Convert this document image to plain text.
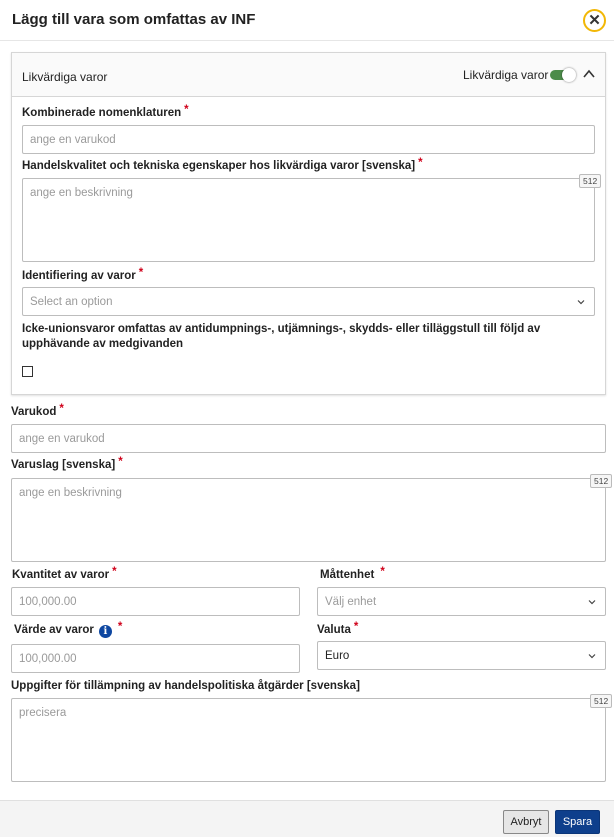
Lägg till vara som omfattas av INF	✕
Likvärdiga varor	Likvärdiga varor
Kombinerade nomenklaturen *
ange en varukod
Handelskvalitet och tekniska egenskaper hos likvärdiga varor [svenska] *
ange en beskrivning
512
Identifiering av varor *
Select an option
Icke-unionsvaror omfattas av antidumpnings-, utjämnings-, skydds- eller tilläggstull till följd av upphävande av medgivanden
Varukod *
ange en varukod
Varuslag [svenska] *
ange en beskrivning
512
Kvantitet av varor *
100,000.00
Måttenhet *
Välj enhet
Värde av varor i *
100,000.00
Valuta *
Euro
Uppgifter för tillämpning av handelspolitiska åtgärder [svenska]
precisera
512
Avbryt	Spara
